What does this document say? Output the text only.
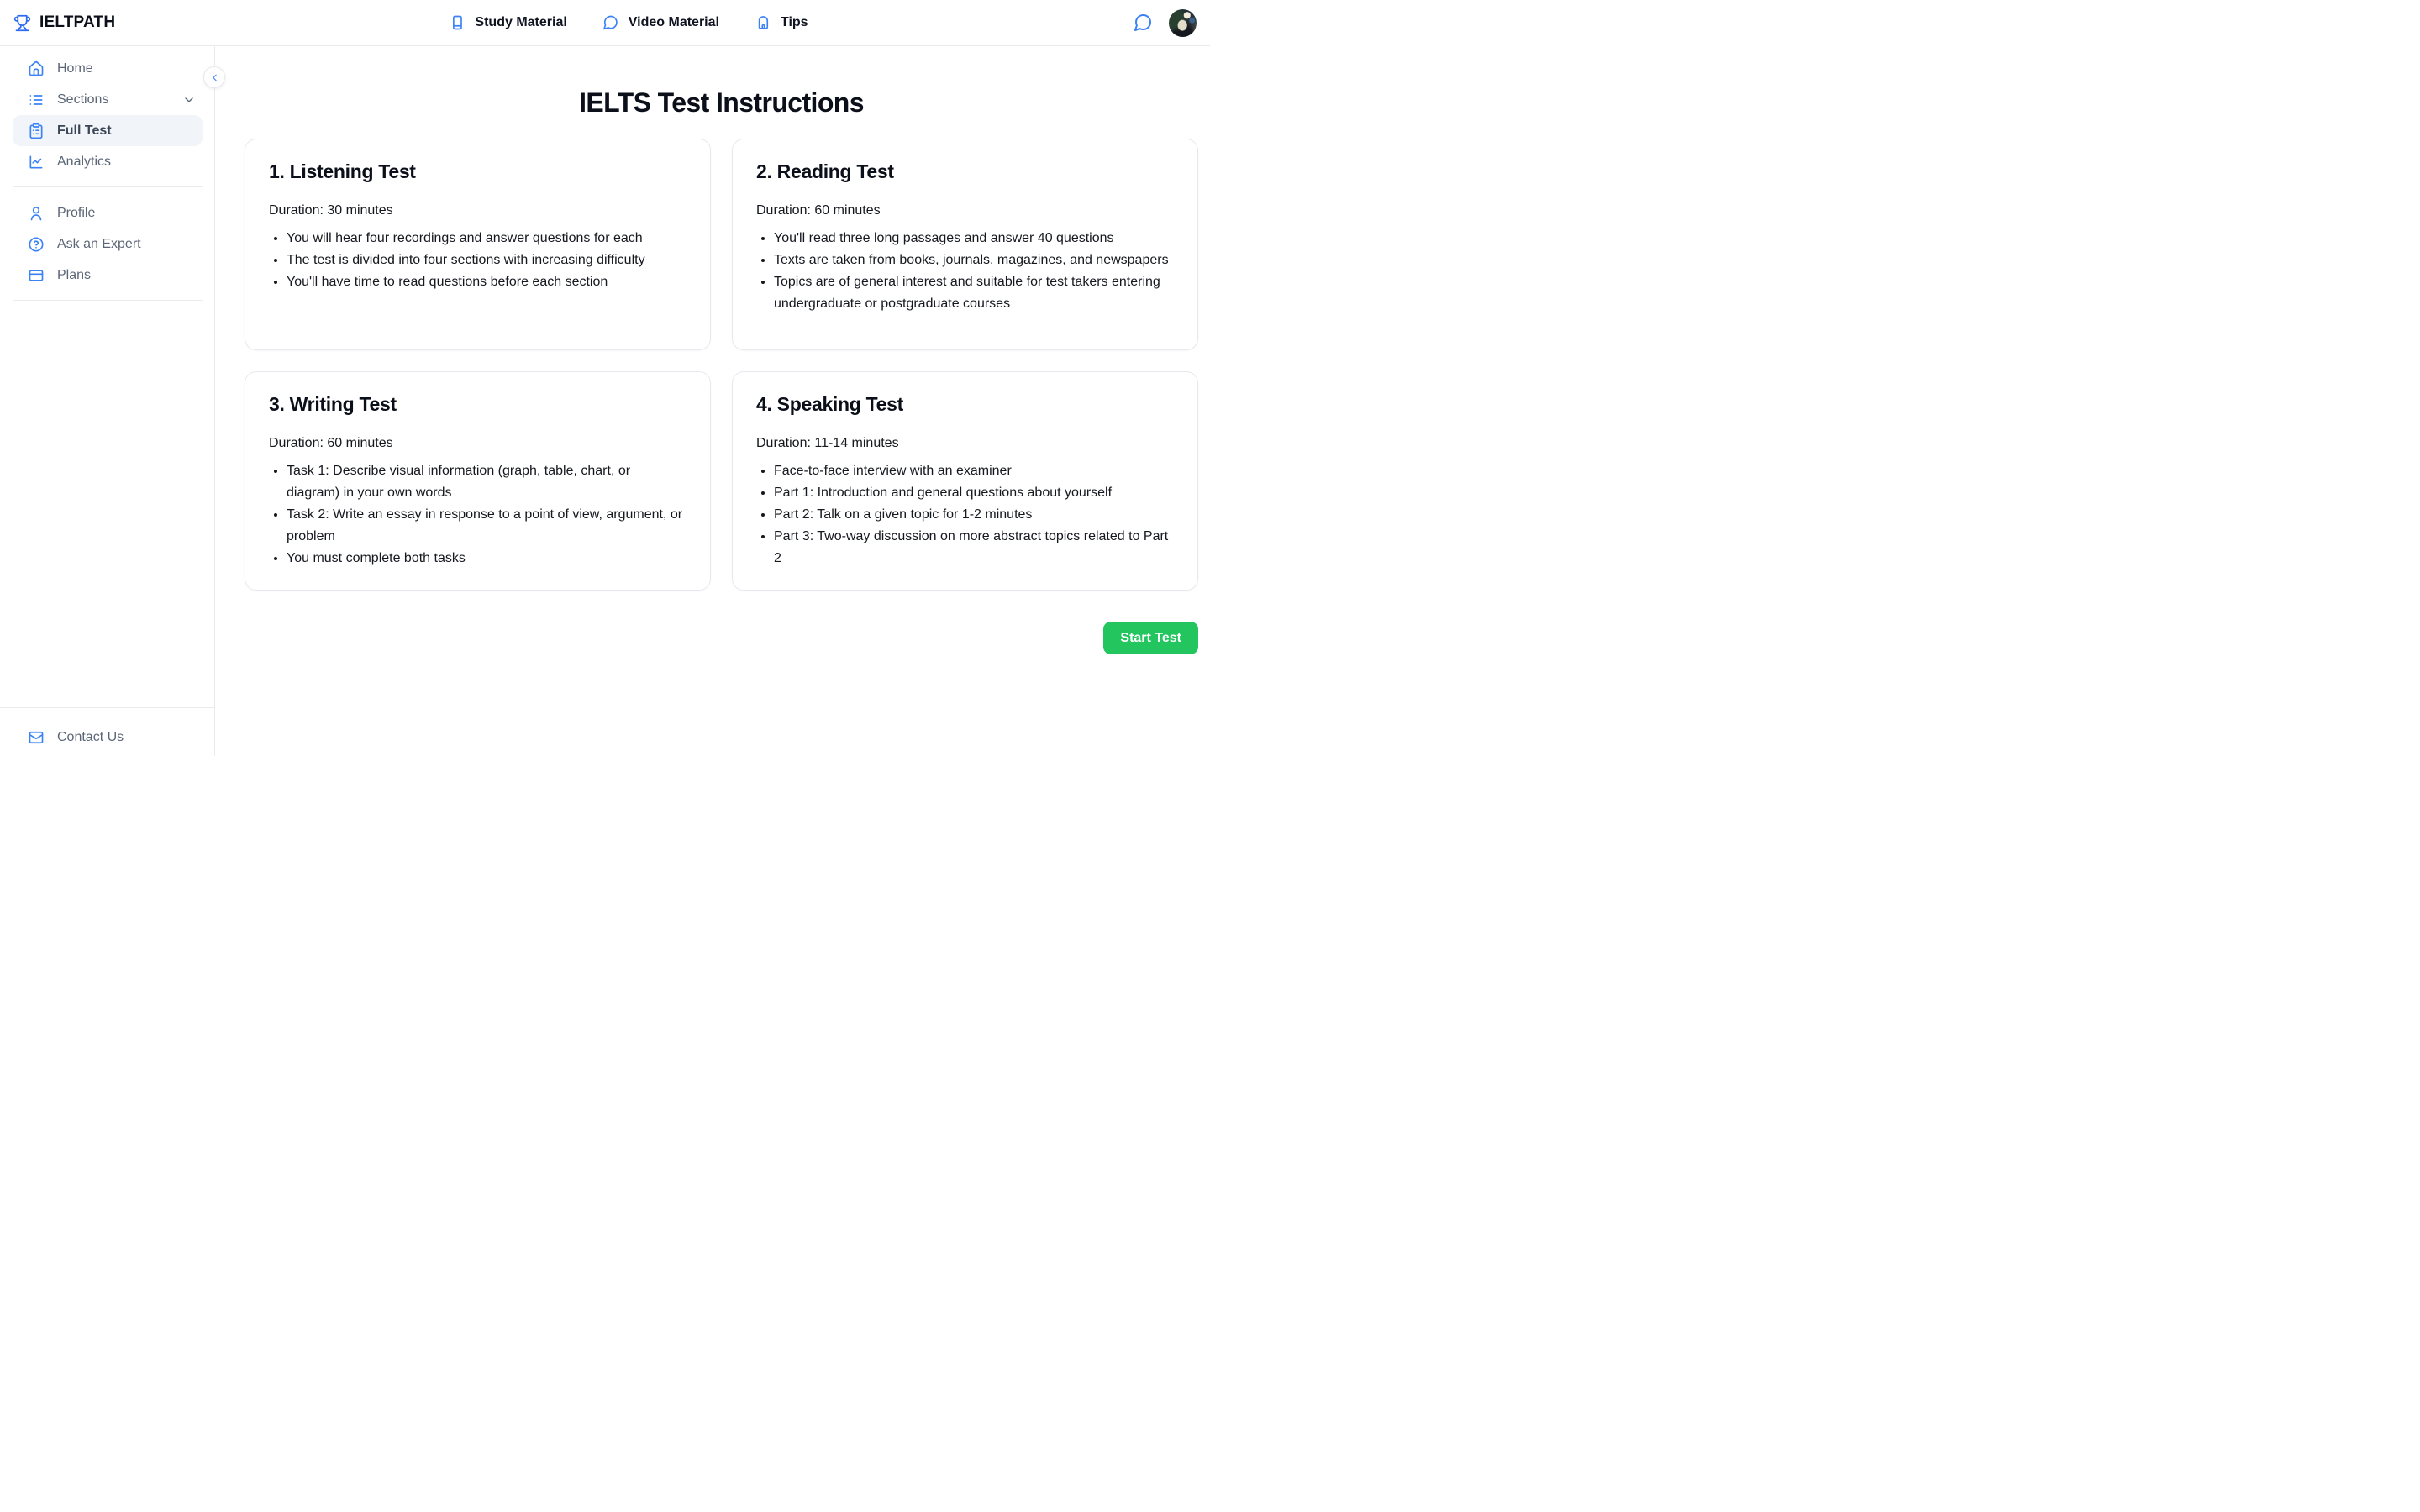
IELTPATH	Study Material	Video Material	Tips
Home
Sections
Full Test
Analytics
Profile
Ask an Expert
Plans
Contact Us
IELTS Test Instructions
1. Listening Test

Duration: 30 minutes

• You will hear four recordings and answer questions for each
• The test is divided into four sections with increasing difficulty
• You'll have time to read questions before each section
2. Reading Test

Duration: 60 minutes

• You'll read three long passages and answer 40 questions
• Texts are taken from books, journals, magazines, and newspapers
• Topics are of general interest and suitable for test takers entering undergraduate or postgraduate courses
3. Writing Test

Duration: 60 minutes

• Task 1: Describe visual information (graph, table, chart, or diagram) in your own words
• Task 2: Write an essay in response to a point of view, argument, or problem
• You must complete both tasks
4. Speaking Test

Duration: 11-14 minutes

• Face-to-face interview with an examiner
• Part 1: Introduction and general questions about yourself
• Part 2: Talk on a given topic for 1-2 minutes
• Part 3: Two-way discussion on more abstract topics related to Part 2
Start Test
